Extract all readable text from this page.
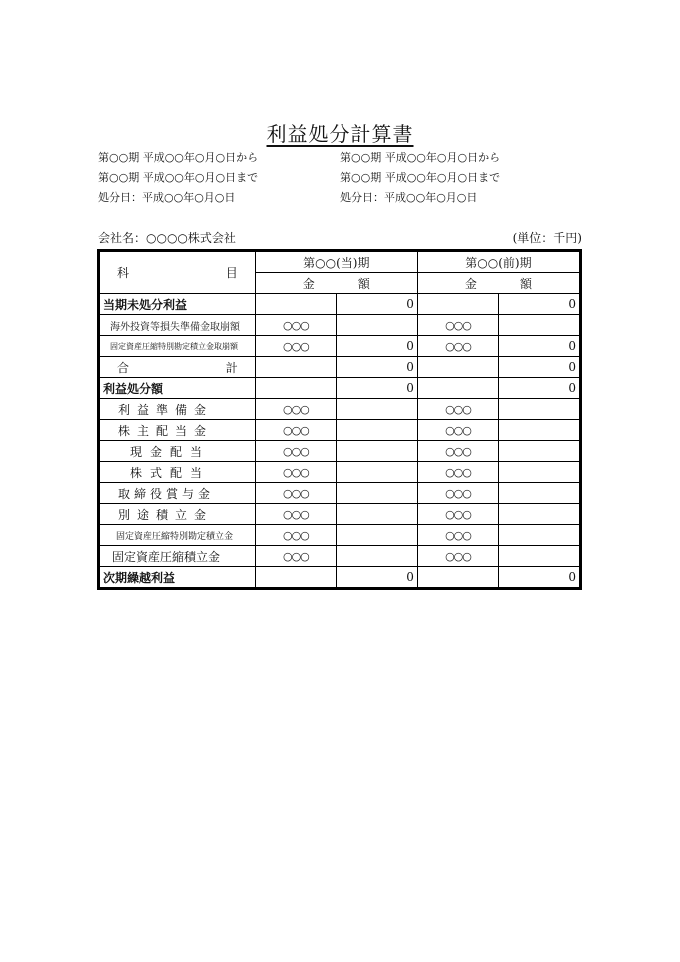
利益処分計算書
第○○期 平成○○年○月○日から
第○○期 平成○○年○月○日まで
処分日：平成○○年○月○日
第○○期 平成○○年○月○日から
第○○期 平成○○年○月○日まで
処分日：平成○○年○月○日
会社名：○○○○株式会社	(単位：千円)
科 目	第○○(当)期		第○○(前)期	

	金 額		金 額	

当期未処分利益		0		0
海外投資等損失準備金取崩額	○○○		○○○	
固定資産圧縮特別勘定積立金取崩額	○○○	0	○○○	0

合 計		0		0
利益処分額		0		0
利益準備金	○○○		○○○	
株主配当金	○○○		○○○	
現金配当	○○○		○○○	
株式配当	○○○		○○○	
取締役賞与金	○○○		○○○	
別途積立金	○○○		○○○	
固定資産圧縮特別勘定積立金	○○○		○○○	
固定資産圧縮積立金	○○○		○○○	
次期繰越利益		0		0
